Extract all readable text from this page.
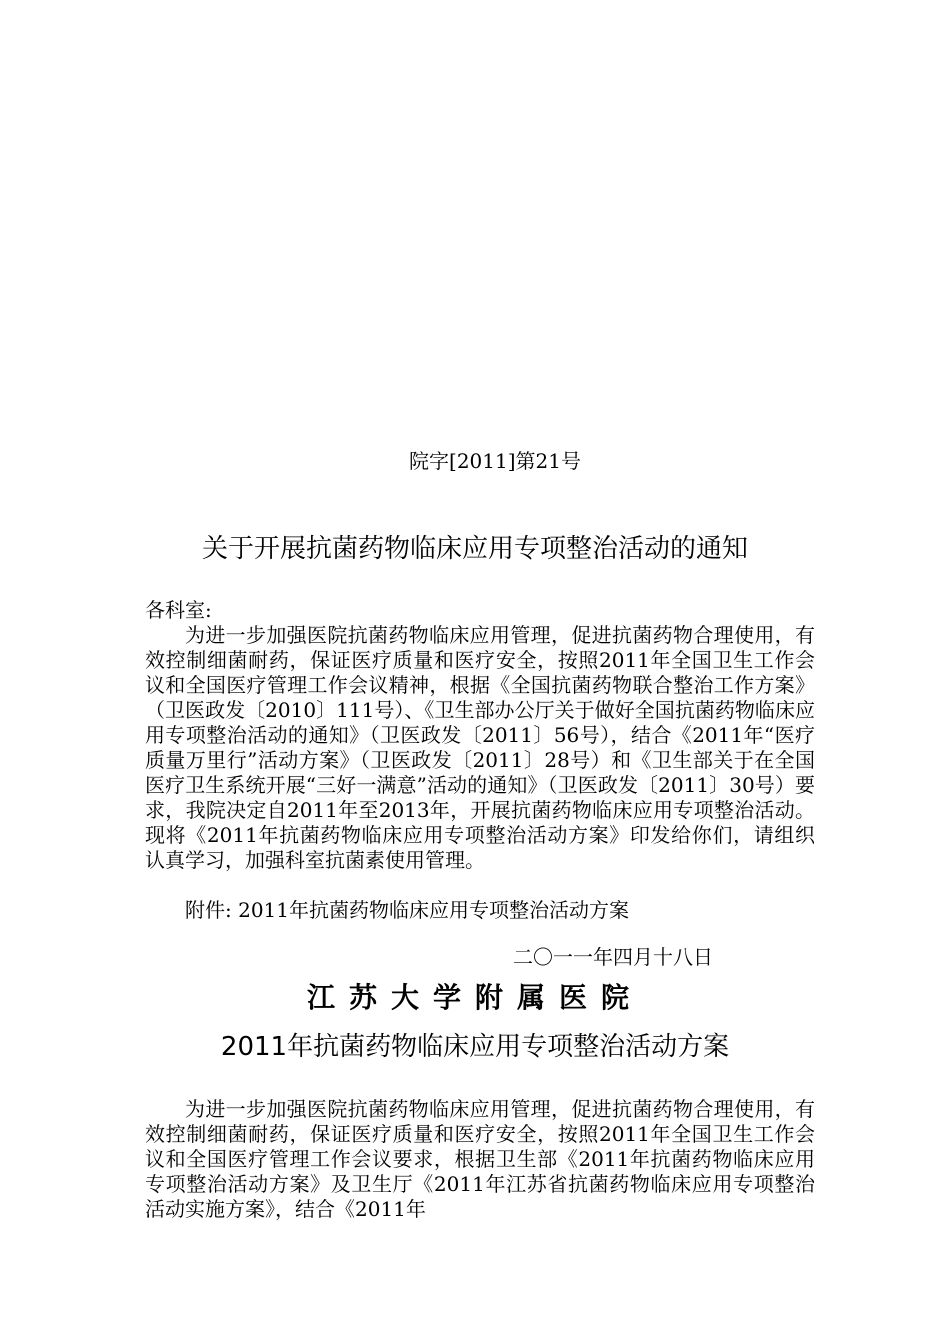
院字[2011]第21号
关于开展抗菌药物临床应用专项整治活动的通知
各科室:

为进一步加强医院抗菌药物临床应用管理，促进抗菌药物合理使用，有效控制细菌耐药，保证医疗质量和医疗安全，按照2011年全国卫生工作会议和全国医疗管理工作会议精神，根据《全国抗菌药物联合整治工作方案》（卫医政发〔2010〕111号）、《卫生部办公厅关于做好全国抗菌药物临床应用专项整治活动的通知》（卫医政发〔2011〕56号），结合《2011年“医疗质量万里行”活动方案》（卫医政发〔2011〕28号）和《卫生部关于在全国医疗卫生系统开展“三好一满意”活动的通知》（卫医政发〔2011〕30号）要求，我院决定自2011年至2013年，开展抗菌药物临床应用专项整治活动。现将《2011年抗菌药物临床应用专项整治活动方案》印发给你们，请组织认真学习，加强科室抗菌素使用管理。

附件: 2011年抗菌药物临床应用专项整治活动方案
二〇一一年四月十八日
江苏大学附属医院
2011年抗菌药物临床应用专项整治活动方案

为进一步加强医院抗菌药物临床应用管理，促进抗菌药物合理使用，有效控制细菌耐药，保证医疗质量和医疗安全，按照2011年全国卫生工作会议和全国医疗管理工作会议要求，根据卫生部《2011年抗菌药物临床应用专项整治活动方案》及卫生厅《2011年江苏省抗菌药物临床应用专项整治活动实施方案》，结合《2011年
